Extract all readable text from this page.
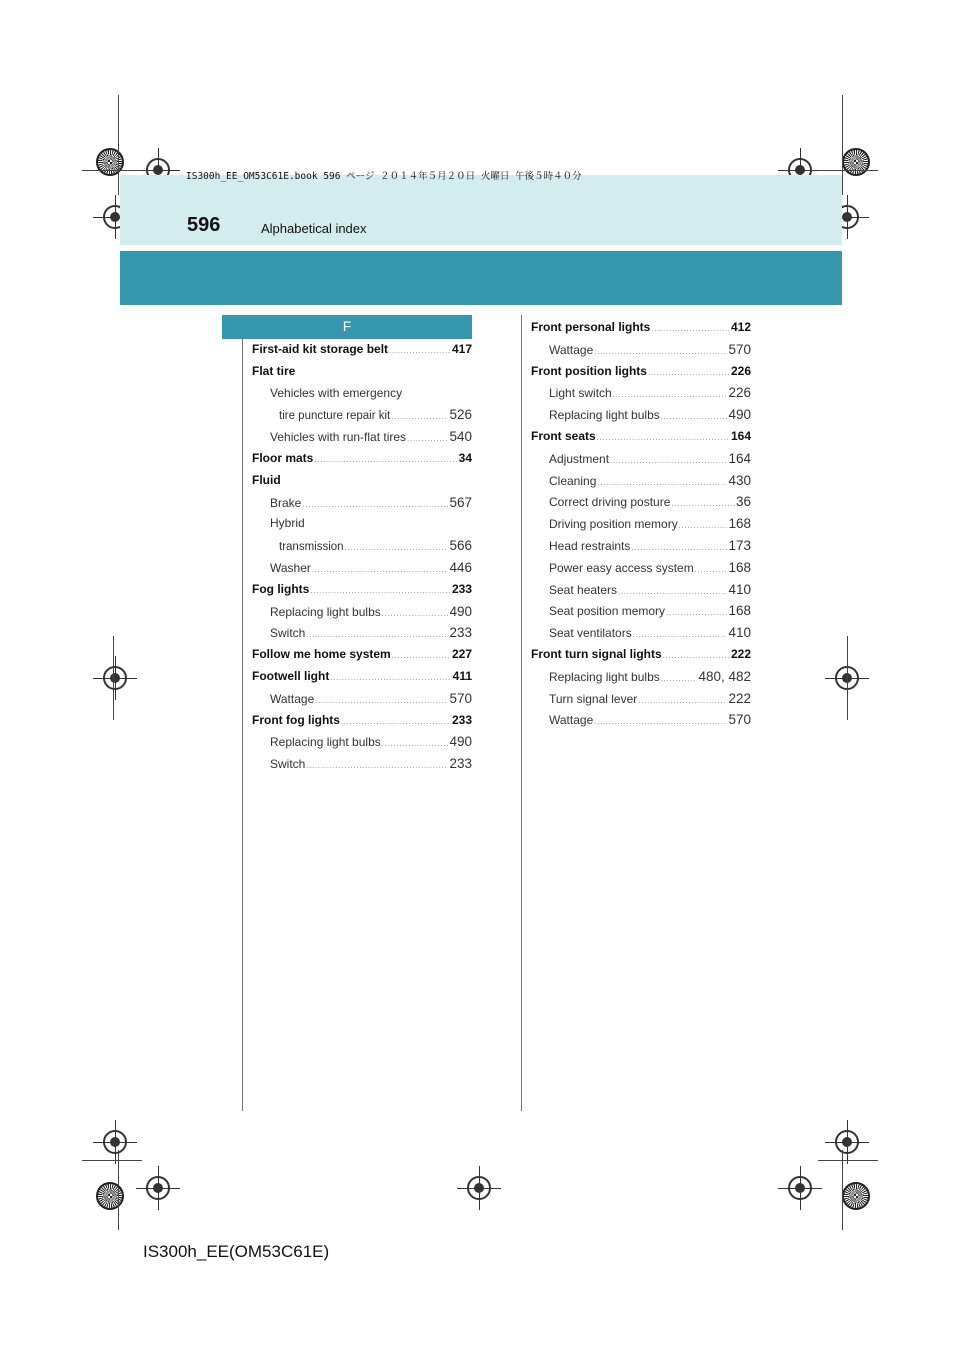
IS300h_EE_OM53C61E.book 596 ページ ２０１４年５月２０日 火曜日 午後５時４０分
596	Alphabetical index
F
First-aid kit storage belt .....	417
Flat tire
Vehicles with emergency
tire puncture repair kit .....	526
Vehicles with run-flat tires .....	540
Floor mats .....	34
Fluid
Brake .....	567
Hybrid
transmission .....	566
Washer .....	446
Fog lights .....	233
Replacing light bulbs .....	490
Switch .....	233
Follow me home system .....	227
Footwell light .....	411
Wattage .....	570
Front fog lights .....	233
Replacing light bulbs .....	490
Switch .....	233
Front personal lights .....	412
Wattage .....	570
Front position lights .....	226
Light switch .....	226
Replacing light bulbs .....	490
Front seats .....	164
Adjustment .....	164
Cleaning .....	430
Correct driving posture .....	36
Driving position memory .....	168
Head restraints .....	173
Power easy access system .....	168
Seat heaters .....	410
Seat position memory .....	168
Seat ventilators .....	410
Front turn signal lights .....	222
Replacing light bulbs .....	480, 482
Turn signal lever .....	222
Wattage .....	570
IS300h_EE(OM53C61E)
